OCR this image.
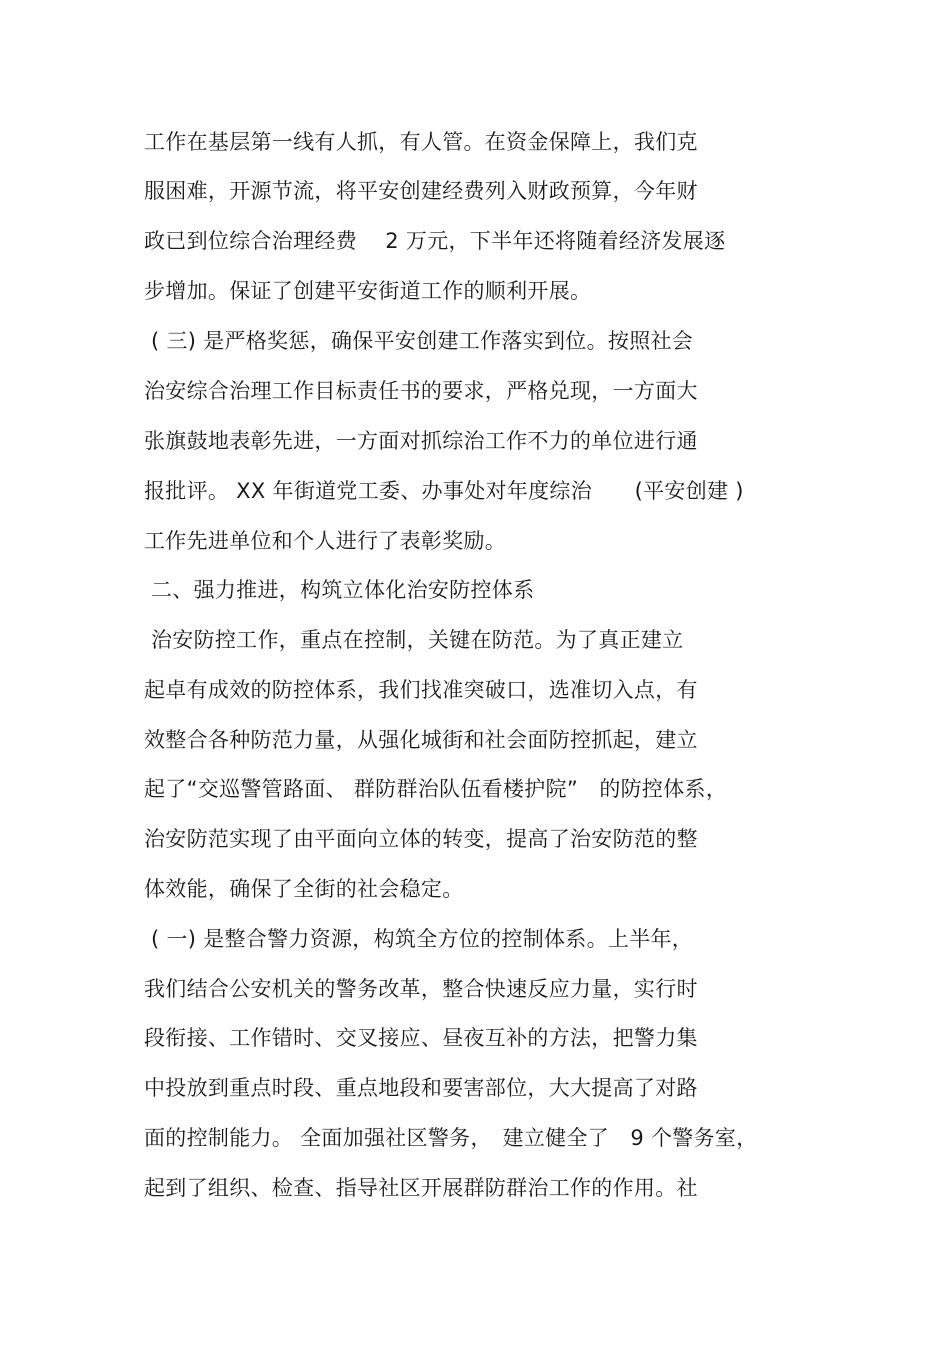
工作在基层第一线有人抓，有人管。在资金保障上，我们克
服困难，开源节流，将平安创建经费列入财政预算，今年财
政已到位综合治理经费　 2 万元，下半年还将随着经济发展逐
步增加。保证了创建平安街道工作的顺利开展。
( 三) 是严格奖惩，确保平安创建工作落实到位。按照社会
治安综合治理工作目标责任书的要求，严格兑现，一方面大
张旗鼓地表彰先进，一方面对抓综治工作不力的单位进行通
报批评。 XX 年街道党工委、办事处对年度综治　　(平安创建 )
工作先进单位和个人进行了表彰奖励。
二、强力推进，构筑立体化治安防控体系
治安防控工作，重点在控制，关键在防范。为了真正建立
起卓有成效的防控体系，我们找准突破口，选准切入点，有
效整合各种防范力量，从强化城街和社会面防控抓起，建立
起了“交巡警管路面、 群防群治队伍看楼护院”　的防控体系，
治安防范实现了由平面向立体的转变，提高了治安防范的整
体效能，确保了全街的社会稳定。
( 一) 是整合警力资源，构筑全方位的控制体系。上半年，
我们结合公安机关的警务改革，整合快速反应力量，实行时
段衔接、工作错时、交叉接应、昼夜互补的方法，把警力集
中投放到重点时段、重点地段和要害部位，大大提高了对路
面的控制能力。 全面加强社区警务，　建立健全了　9 个警务室，
起到了组织、检查、指导社区开展群防群治工作的作用。社
